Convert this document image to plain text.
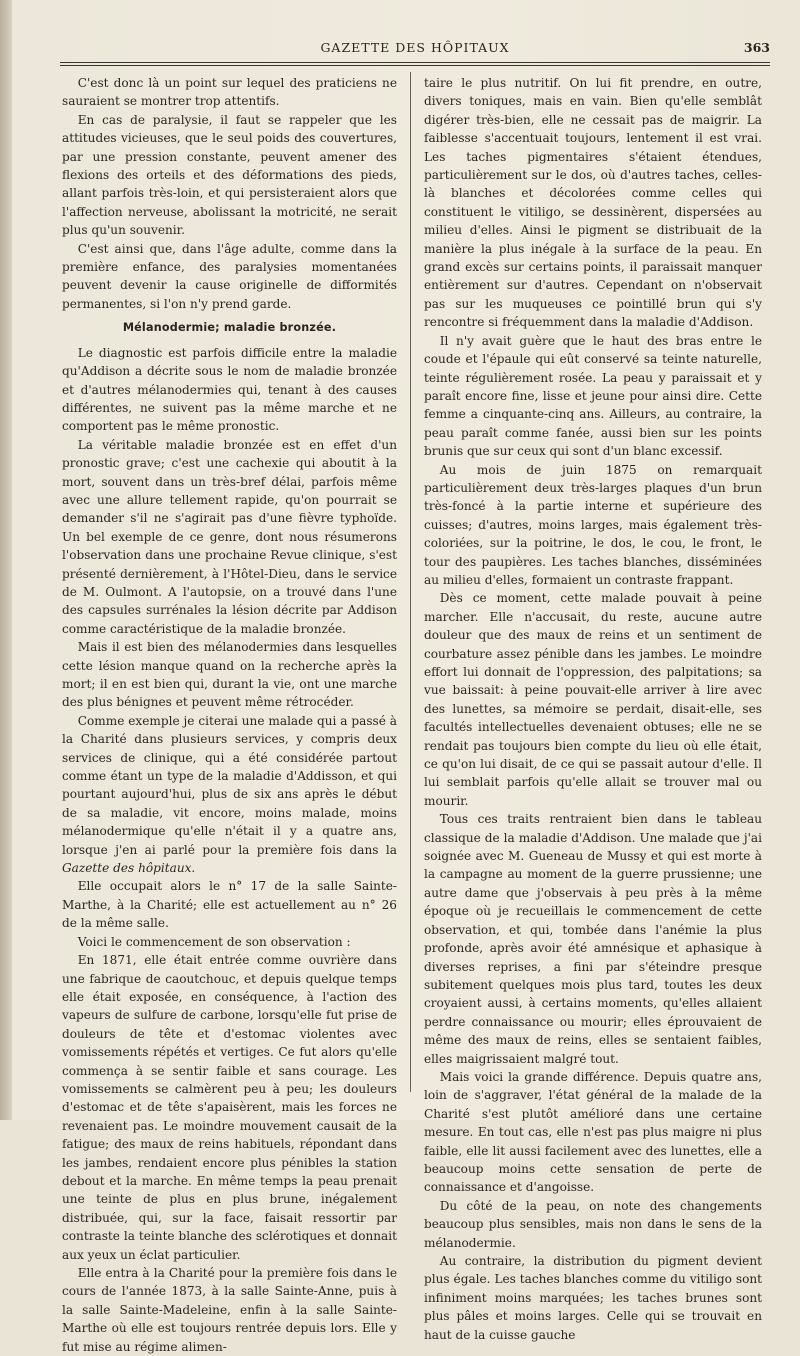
GAZETTE DES HÔPITAUX	363

C'est donc là un point sur lequel des praticiens ne sauraient se montrer trop attentifs.

En cas de paralysie, il faut se rappeler que les attitudes vicieuses, que le seul poids des couvertures, par une pression constante, peuvent amener des flexions des orteils et des déformations des pieds, allant parfois très-loin, et qui persisteraient alors que l'affection nerveuse, abolissant la motricité, ne serait plus qu'un souvenir.

C'est ainsi que, dans l'âge adulte, comme dans la première enfance, des paralysies momentanées peuvent devenir la cause originelle de difformités permanentes, si l'on n'y prend garde.

Mélanodermie; maladie bronzée.

Le diagnostic est parfois difficile entre la maladie qu'Addison a décrite sous le nom de maladie bronzée et d'autres mélanodermies qui, tenant à des causes différentes, ne suivent pas la même marche et ne comportent pas le même pronostic.

La véritable maladie bronzée est en effet d'un pronostic grave; c'est une cachexie qui aboutit à la mort, souvent dans un très-bref délai, parfois même avec une allure tellement rapide, qu'on pourrait se demander s'il ne s'agirait pas d'une fièvre typhoïde. Un bel exemple de ce genre, dont nous résumerons l'observation dans une prochaine Revue clinique, s'est présenté dernièrement, à l'Hôtel-Dieu, dans le service de M. Oulmont. A l'autopsie, on a trouvé dans l'une des capsules surrénales la lésion décrite par Addison comme caractéristique de la maladie bronzée.

Mais il est bien des mélanodermies dans lesquelles cette lésion manque quand on la recherche après la mort; il en est bien qui, durant la vie, ont une marche des plus bénignes et peuvent même rétrocéder.

Comme exemple je citerai une malade qui a passé à la Charité dans plusieurs services, y compris deux services de clinique, qui a été considérée partout comme étant un type de la maladie d'Addisson, et qui pourtant aujourd'hui, plus de six ans après le début de sa maladie, vit encore, moins malade, moins mélanodermique qu'elle n'était il y a quatre ans, lorsque j'en ai parlé pour la première fois dans la Gazette des hôpitaux.

Elle occupait alors le n° 17 de la salle Sainte-Marthe, à la Charité; elle est actuellement au n° 26 de la même salle.

Voici le commencement de son observation :

En 1871, elle était entrée comme ouvrière dans une fabrique de caoutchouc, et depuis quelque temps elle était exposée, en conséquence, à l'action des vapeurs de sulfure de carbone, lorsqu'elle fut prise de douleurs de tête et d'estomac violentes avec vomissements répétés et vertiges. Ce fut alors qu'elle commença à se sentir faible et sans courage. Les vomissements se calmèrent peu à peu; les douleurs d'estomac et de tête s'apaisèrent, mais les forces ne revenaient pas. Le moindre mouvement causait de la fatigue; des maux de reins habituels, répondant dans les jambes, rendaient encore plus pénibles la station debout et la marche. En même temps la peau prenait une teinte de plus en plus brune, inégalement distribuée, qui, sur la face, faisait ressortir par contraste la teinte blanche des sclérotiques et donnait aux yeux un éclat particulier.

Elle entra à la Charité pour la première fois dans le cours de l'année 1873, à la salle Sainte-Anne, puis à la salle Sainte-Madeleine, enfin à la salle Sainte-Marthe où elle est toujours rentrée depuis lors. Elle y fut mise au régime alimen-

taire le plus nutritif. On lui fit prendre, en outre, divers toniques, mais en vain. Bien qu'elle semblât digérer très-bien, elle ne cessait pas de maigrir. La faiblesse s'accentuait toujours, lentement il est vrai. Les taches pigmentaires s'étaient étendues, particulièrement sur le dos, où d'autres taches, celles-là blanches et décolorées comme celles qui constituent le vitiligo, se dessinèrent, dispersées au milieu d'elles. Ainsi le pigment se distribuait de la manière la plus inégale à la surface de la peau. En grand excès sur certains points, il paraissait manquer entièrement sur d'autres. Cependant on n'observait pas sur les muqueuses ce pointillé brun qui s'y rencontre si fréquemment dans la maladie d'Addison.

Il n'y avait guère que le haut des bras entre le coude et l'épaule qui eût conservé sa teinte naturelle, teinte régulièrement rosée. La peau y paraissait et y paraît encore fine, lisse et jeune pour ainsi dire. Cette femme a cinquante-cinq ans. Ailleurs, au contraire, la peau paraît comme fanée, aussi bien sur les points brunis que sur ceux qui sont d'un blanc excessif.

Au mois de juin 1875 on remarquait particulièrement deux très-larges plaques d'un brun très-foncé à la partie interne et supérieure des cuisses; d'autres, moins larges, mais également très-coloriées, sur la poitrine, le dos, le cou, le front, le tour des paupières. Les taches blanches, disséminées au milieu d'elles, formaient un contraste frappant.

Dès ce moment, cette malade pouvait à peine marcher. Elle n'accusait, du reste, aucune autre douleur que des maux de reins et un sentiment de courbature assez pénible dans les jambes. Le moindre effort lui donnait de l'oppression, des palpitations; sa vue baissait: à peine pouvait-elle arriver à lire avec des lunettes, sa mémoire se perdait, disait-elle, ses facultés intellectuelles devenaient obtuses; elle ne se rendait pas toujours bien compte du lieu où elle était, ce qu'on lui disait, de ce qui se passait autour d'elle. Il lui semblait parfois qu'elle allait se trouver mal ou mourir.

Tous ces traits rentraient bien dans le tableau classique de la maladie d'Addison. Une malade que j'ai soignée avec M. Gueneau de Mussy et qui est morte à la campagne au moment de la guerre prussienne; une autre dame que j'observais à peu près à la même époque où je recueillais le commencement de cette observation, et qui, tombée dans l'anémie la plus profonde, après avoir été amnésique et aphasique à diverses reprises, a fini par s'éteindre presque subitement quelques mois plus tard, toutes les deux croyaient aussi, à certains moments, qu'elles allaient perdre connaissance ou mourir; elles éprouvaient de même des maux de reins, elles se sentaient faibles, elles maigrissaient malgré tout.

Mais voici la grande différence. Depuis quatre ans, loin de s'aggraver, l'état général de la malade de la Charité s'est plutôt amélioré dans une certaine mesure. En tout cas, elle n'est pas plus maigre ni plus faible, elle lit aussi facilement avec des lunettes, elle a beaucoup moins cette sensation de perte de connaissance et d'angoisse.

Du côté de la peau, on note des changements beaucoup plus sensibles, mais non dans le sens de la mélanodermie.

Au contraire, la distribution du pigment devient plus égale. Les taches blanches comme du vitiligo sont infiniment moins marquées; les taches brunes sont plus pâles et moins larges. Celle qui se trouvait en haut de la cuisse gauche
